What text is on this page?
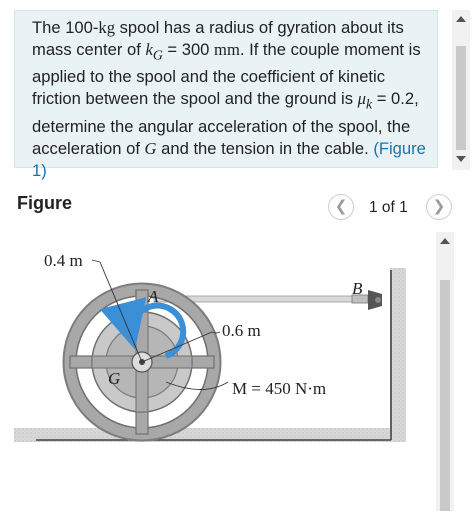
The 100-kg spool has a radius of gyration about its mass center of $k_G = 300$ mm. If the couple moment is applied to the spool and the coefficient of kinetic friction between the spool and the ground is $\mu_k = 0.2$, determine the angular acceleration of the spool, the acceleration of G and the tension in the cable. (Figure 1)
Figure	❮	1 of 1	❯
0.4 m
A	B
0.6 m
G
M = 450 N·m
